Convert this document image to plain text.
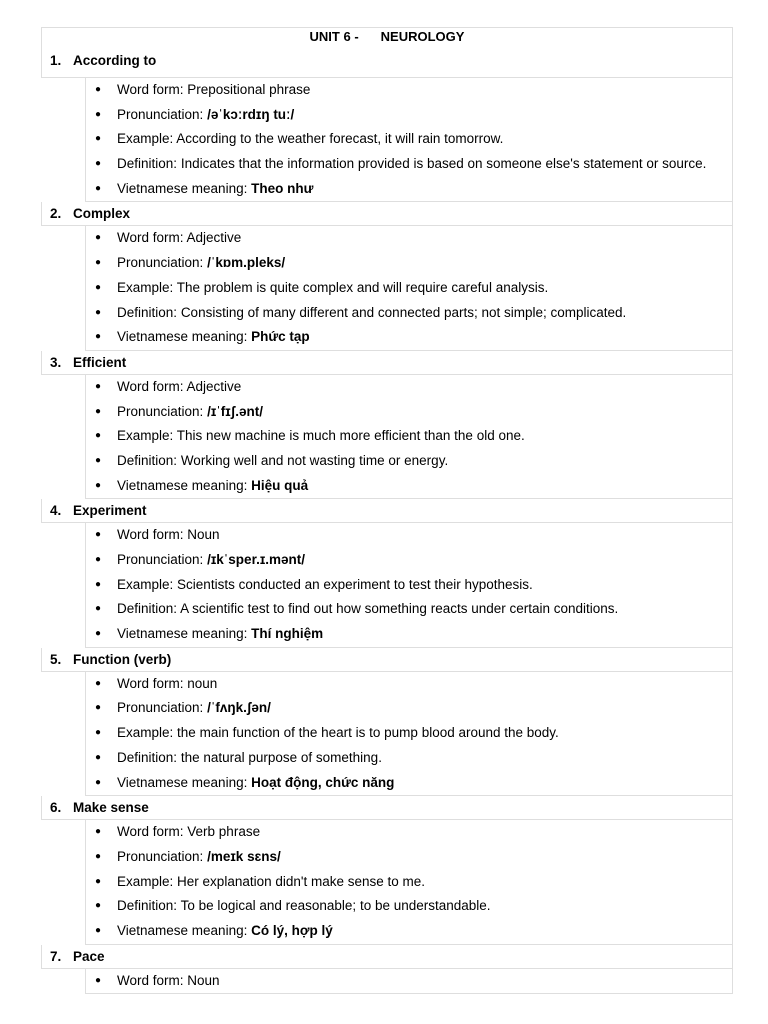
UNIT 6 - NEUROLOGY
1. According to
● Word form: Prepositional phrase
● Pronunciation: /əˈkɔːrdɪŋ tuː/
● Example: According to the weather forecast, it will rain tomorrow.
● Definition: Indicates that the information provided is based on someone else's statement or source.
● Vietnamese meaning: Theo như
2. Complex
● Word form: Adjective
● Pronunciation: /ˈkɒm.pleks/
● Example: The problem is quite complex and will require careful analysis.
● Definition: Consisting of many different and connected parts; not simple; complicated.
● Vietnamese meaning: Phức tạp
3. Efficient
● Word form: Adjective
● Pronunciation: /ɪˈfɪʃ.ənt/
● Example: This new machine is much more efficient than the old one.
● Definition: Working well and not wasting time or energy.
● Vietnamese meaning: Hiệu quả
4. Experiment
● Word form: Noun
● Pronunciation: /ɪkˈsper.ɪ.mənt/
● Example: Scientists conducted an experiment to test their hypothesis.
● Definition: A scientific test to find out how something reacts under certain conditions.
● Vietnamese meaning: Thí nghiệm
5. Function (verb)
● Word form: noun
● Pronunciation: /ˈfʌŋk.ʃən/
● Example: the main function of the heart is to pump blood around the body.
● Definition: the natural purpose of something.
● Vietnamese meaning: Hoạt động, chức năng
6. Make sense
● Word form: Verb phrase
● Pronunciation: /meɪk sɛns/
● Example: Her explanation didn't make sense to me.
● Definition: To be logical and reasonable; to be understandable.
● Vietnamese meaning: Có lý, hợp lý
7. Pace
● Word form: Noun
